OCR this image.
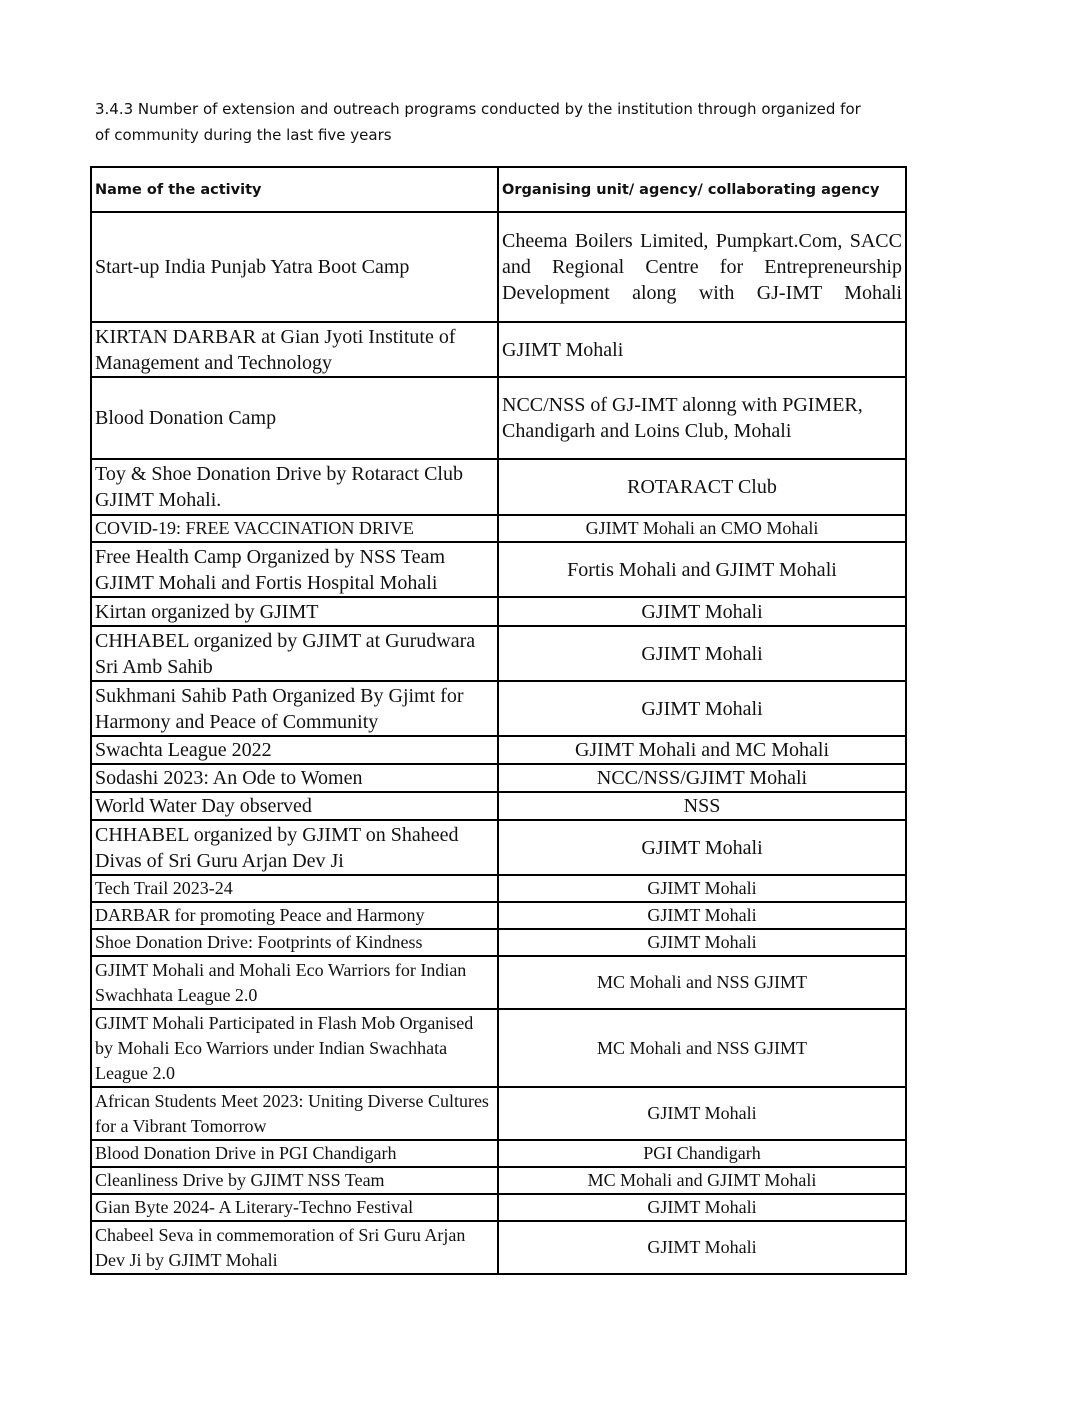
3.4.3 Number of extension and outreach programs conducted by the institution through organized for
of community during the last five years
Name of the activity	Organising unit/ agency/ collaborating agency
Start-up India Punjab Yatra Boot Camp	Cheema Boilers Limited, Pumpkart.Com, SACC and Regional Centre for Entrepreneurship Development along with GJ-IMT Mohali
KIRTAN DARBAR at Gian Jyoti Institute of Management and Technology	GJIMT Mohali
Blood Donation Camp	NCC/NSS of GJ-IMT alonng with PGIMER, Chandigarh and Loins Club, Mohali
Toy & Shoe Donation Drive by Rotaract Club GJIMT Mohali.	ROTARACT Club
COVID-19: FREE VACCINATION DRIVE	GJIMT Mohali an CMO Mohali
Free Health Camp Organized by NSS Team GJIMT Mohali and Fortis Hospital Mohali	Fortis Mohali and GJIMT Mohali
Kirtan organized by GJIMT	GJIMT Mohali
CHHABEL organized by GJIMT at Gurudwara Sri Amb Sahib	GJIMT Mohali
Sukhmani Sahib Path Organized By Gjimt for Harmony and Peace of Community	GJIMT Mohali
Swachta League 2022	GJIMT Mohali and MC Mohali
Sodashi 2023: An Ode to Women	NCC/NSS/GJIMT Mohali
World Water Day observed	NSS
CHHABEL organized by GJIMT on Shaheed Divas of Sri Guru Arjan Dev Ji	GJIMT Mohali
Tech Trail 2023-24	GJIMT Mohali
DARBAR for promoting Peace and Harmony	GJIMT Mohali
Shoe Donation Drive: Footprints of Kindness	GJIMT Mohali
GJIMT Mohali and Mohali Eco Warriors for Indian Swachhata League 2.0	MC Mohali and NSS GJIMT
GJIMT Mohali Participated in Flash Mob Organised by Mohali Eco Warriors under Indian Swachhata League 2.0	MC Mohali and NSS GJIMT
African Students Meet 2023: Uniting Diverse Cultures for a Vibrant Tomorrow	GJIMT Mohali
Blood Donation Drive in PGI Chandigarh	PGI Chandigarh
Cleanliness Drive by GJIMT NSS Team	MC Mohali and GJIMT Mohali
Gian Byte 2024- A Literary-Techno Festival	GJIMT Mohali
Chabeel Seva in commemoration of Sri Guru Arjan Dev Ji by GJIMT Mohali	GJIMT Mohali
